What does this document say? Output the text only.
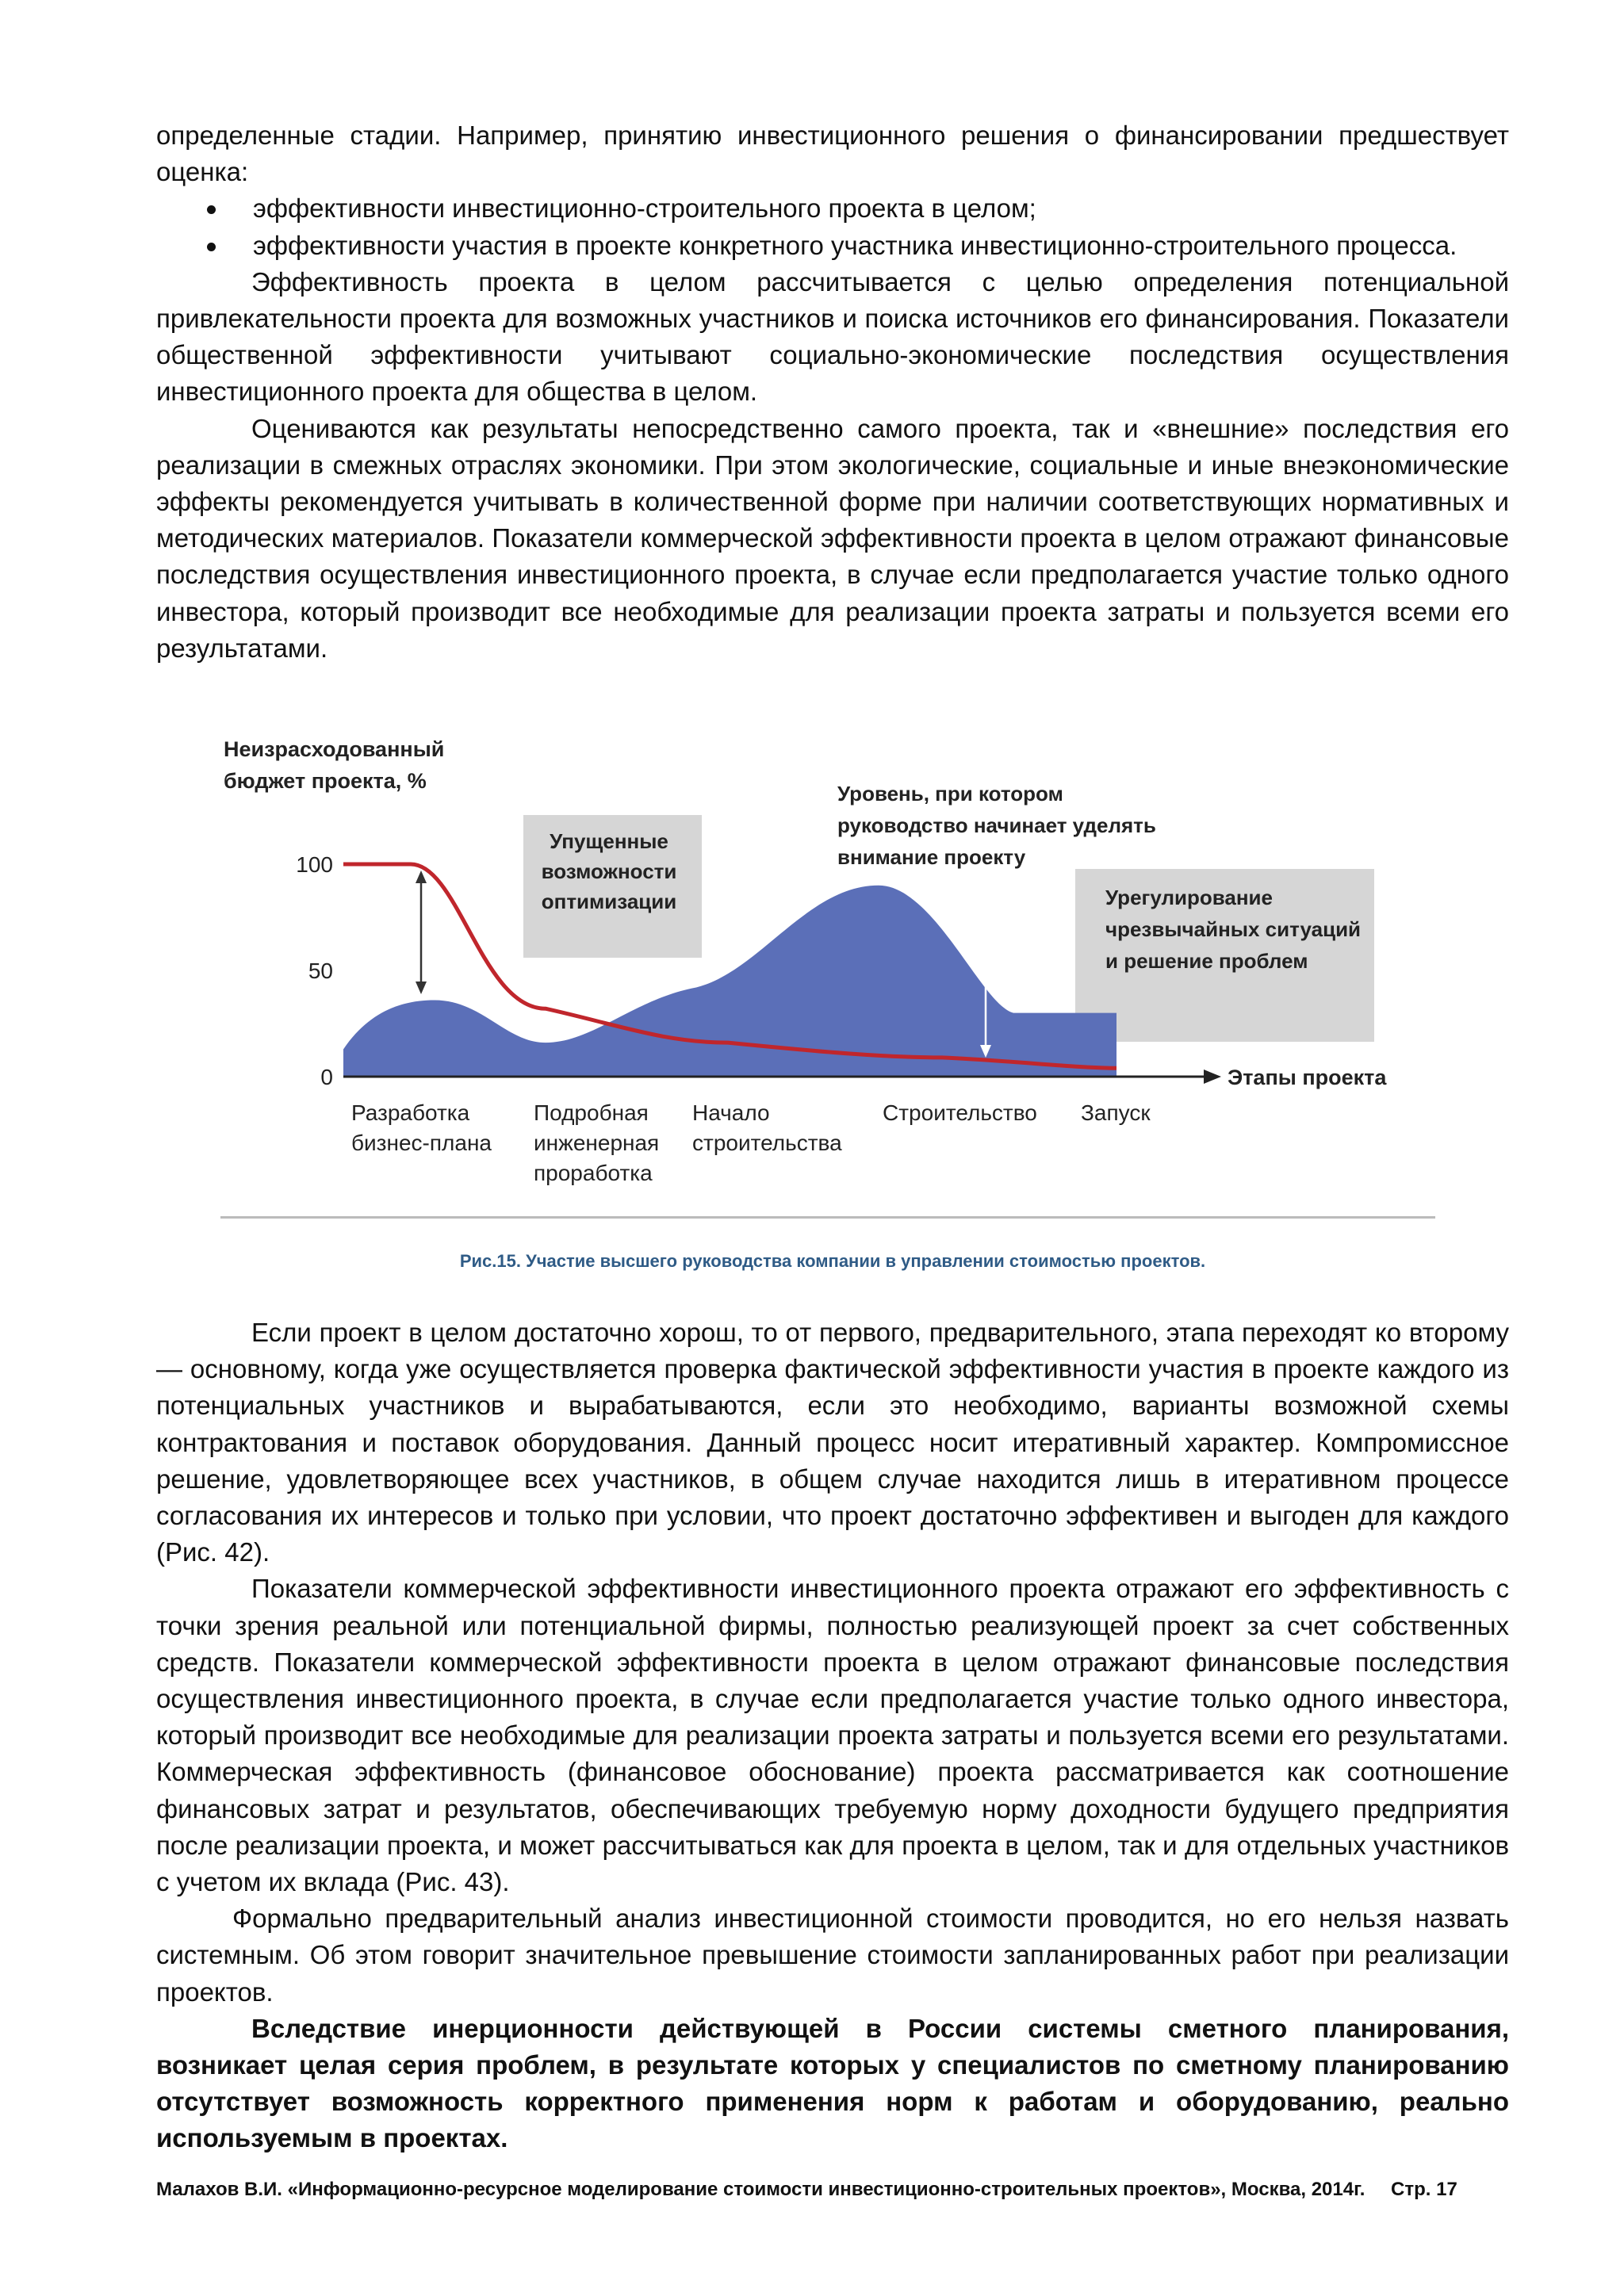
определенные стадии. Например, принятию инвестиционного решения о финансировании предшествует оценка:

эффективности инвестиционно-строительного проекта в целом;
эффективности участия в проекте конкретного участника инвестиционно-строительного процесса.

Эффективность проекта в целом рассчитывается с целью определения потенциальной привлекательности проекта для возможных участников и поиска источников его финансирования. Показатели общественной эффективности учитывают социально-экономические последствия осуществления инвестиционного проекта для общества в целом.

Оцениваются как результаты непосредственно самого проекта, так и «внешние» последствия его реализации в смежных отраслях экономики. При этом экологические, социальные и иные внеэкономические эффекты рекомендуется учитывать в количественной форме при наличии соответствующих нормативных и методических материалов. Показатели коммерческой эффективности проекта в целом отражают финансовые последствия осуществления инвестиционного проекта, в случае если предполагается участие только одного инвестора, который производит все необходимые для реализации проекта затраты и пользуется всеми его результатами.

Неизрасходованный
бюджет проекта, %
100
50
0
Упущенные
возможности
оптимизации	Урегулирование
чрезвычайных ситуаций
и решение проблем
Уровень, при котором
руководство начинает уделять
внимание проекту
Этапы проекта
Разработка
бизнес-плана
Подробная
инженерная
проработка
Начало
строительства
Строительство Запуск
Рис.15. Участие высшего руководства компании в управлении стоимостью проектов.

Если проект в целом достаточно хорош, то от первого, предварительного, этапа переходят ко второму — основному, когда уже осуществляется проверка фактической эффективности участия в проекте каждого из потенциальных участников и вырабатываются, если это необходимо, варианты возможной схемы контрактования и поставок оборудования. Данный процесс носит итеративный характер. Компромиссное решение, удовлетворяющее всех участников, в общем случае находится лишь в итеративном процессе согласования их интересов и только при условии, что проект достаточно эффективен и выгоден для каждого (Рис. 42).

Показатели коммерческой эффективности инвестиционного проекта отражают его эффективность с точки зрения реальной или потенциальной фирмы, полностью реализующей проект за счет собственных средств. Показатели коммерческой эффективности проекта в целом отражают финансовые последствия осуществления инвестиционного проекта, в случае если предполагается участие только одного инвестора, который производит все необходимые для реализации проекта затраты и пользуется всеми его результатами. Коммерческая эффективность (финансовое обоснование) проекта рассматривается как соотношение финансовых затрат и результатов, обеспечивающих требуемую норму доходности будущего предприятия после реализации проекта, и может рассчитываться как для проекта в целом, так и для отдельных участников с учетом их вклада (Рис. 43).

Формально предварительный анализ инвестиционной стоимости проводится, но его нельзя назвать системным. Об этом говорит значительное превышение стоимости запланированных работ при реализации проектов.

Вследствие инерционности действующей в России системы сметного планирования, возникает целая серия проблем, в результате которых у специалистов по сметному планированию отсутствует возможность корректного применения норм к работам и оборудованию, реально используемым в проектах.

Малахов В.И. «Информационно-ресурсное моделирование стоимости инвестиционно-строительных проектов», Москва, 2014г. Стр. 17
